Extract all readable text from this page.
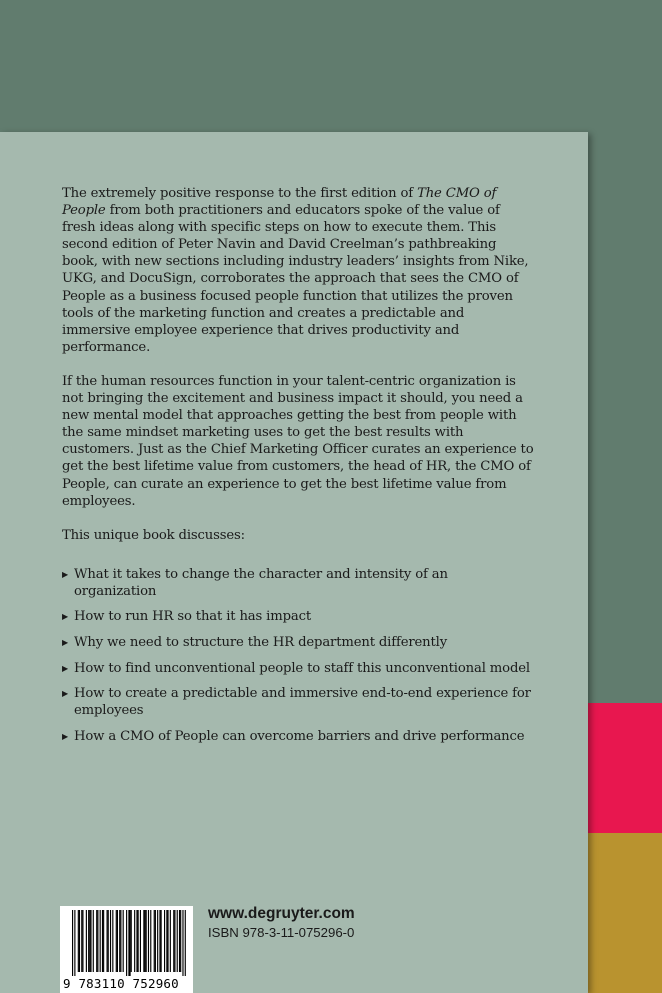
The extremely positive response to the first edition of The CMO of People from both practitioners and educators spoke of the value of fresh ideas along with specific steps on how to execute them. This second edition of Peter Navin and David Creelman’s pathbreaking book, with new sections including industry leaders’ insights from Nike, UKG, and DocuSign, corroborates the approach that sees the CMO of People as a business focused people function that utilizes the proven tools of the marketing function and creates a predictable and immersive employee experience that drives productivity and performance.

If the human resources function in your talent-centric organization is not bringing the excitement and business impact it should, you need a new mental model that approaches getting the best from people with the same mindset marketing uses to get the best results with customers. Just as the Chief Marketing Officer curates an experience to get the best lifetime value from customers, the head of HR, the CMO of People, can curate an experience to get the best lifetime value from employees.

This unique book discusses:

▶ What it takes to change the character and intensity of an organization
▶ How to run HR so that it has impact
▶ Why we need to structure the HR department differently
▶ How to find unconventional people to staff this unconventional model
▶ How to create a predictable and immersive end-to-end experience for employees
▶ How a CMO of People can overcome barriers and drive performance
9 783110 752960
www.degruyter.com
ISBN 978-3-11-075296-0
